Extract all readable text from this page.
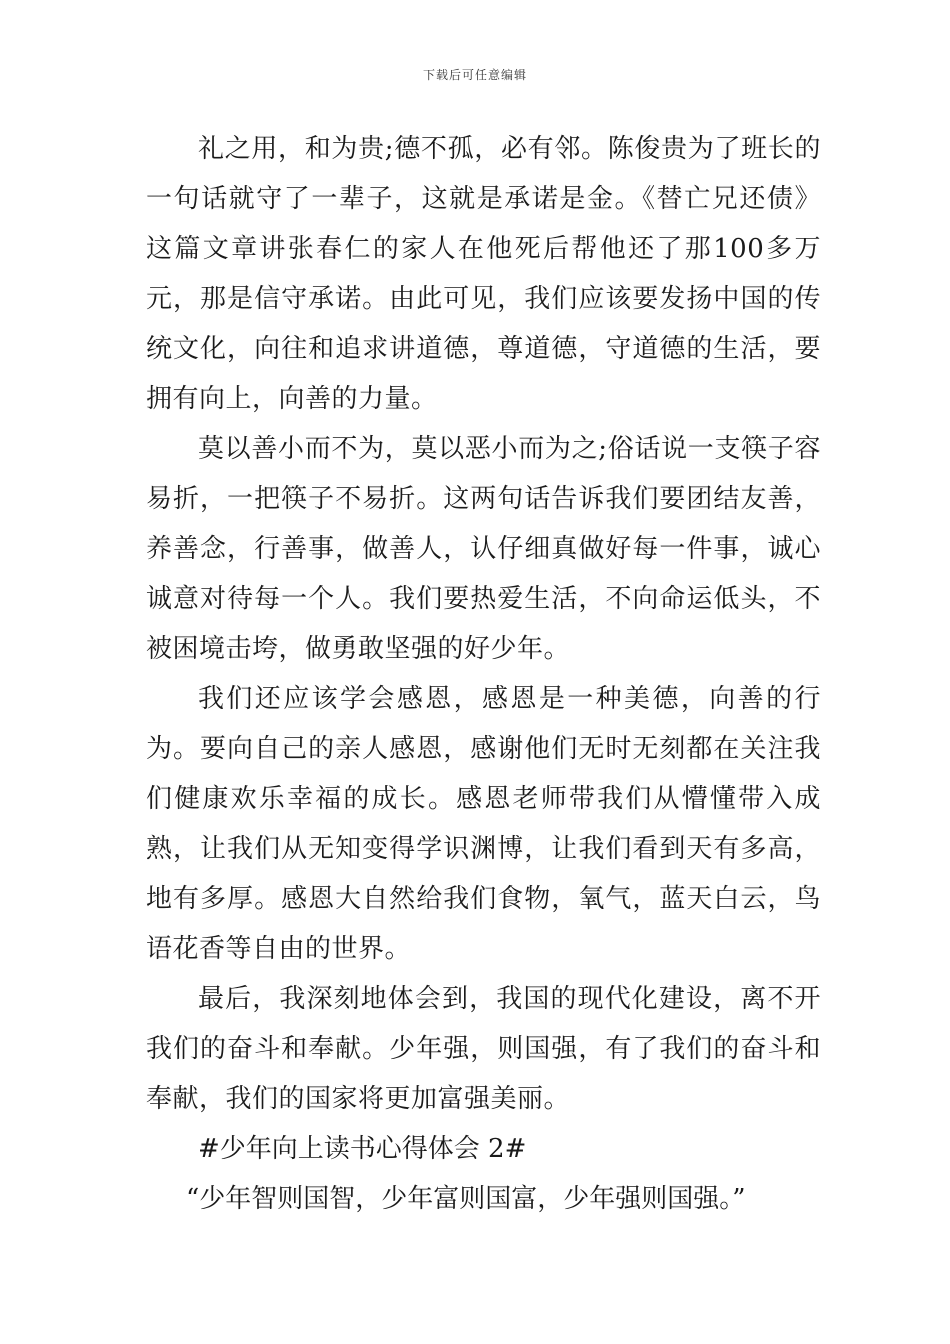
下载后可任意编辑

礼之用，和为贵;德不孤，必有邻。陈俊贵为了班长的一句话就守了一辈子，这就是承诺是金。《替亡兄还债》这篇文章讲张春仁的家人在他死后帮他还了那100多万元，那是信守承诺。由此可见，我们应该要发扬中国的传统文化，向往和追求讲道德，尊道德，守道德的生活，要拥有向上，向善的力量。

莫以善小而不为，莫以恶小而为之;俗话说一支筷子容易折，一把筷子不易折。这两句话告诉我们要团结友善，养善念，行善事，做善人，认仔细真做好每一件事，诚心诚意对待每一个人。我们要热爱生活，不向命运低头，不被困境击垮，做勇敢坚强的好少年。

我们还应该学会感恩，感恩是一种美德，向善的行为。要向自己的亲人感恩，感谢他们无时无刻都在关注我们健康欢乐幸福的成长。感恩老师带我们从懵懂带入成熟，让我们从无知变得学识渊博，让我们看到天有多高，地有多厚。感恩大自然给我们食物，氧气，蓝天白云，鸟语花香等自由的世界。

最后，我深刻地体会到，我国的现代化建设，离不开我们的奋斗和奉献。少年强，则国强，有了我们的奋斗和奉献，我们的国家将更加富强美丽。

#少年向上读书心得体会 2#

“少年智则国智，少年富则国富，少年强则国强。”
